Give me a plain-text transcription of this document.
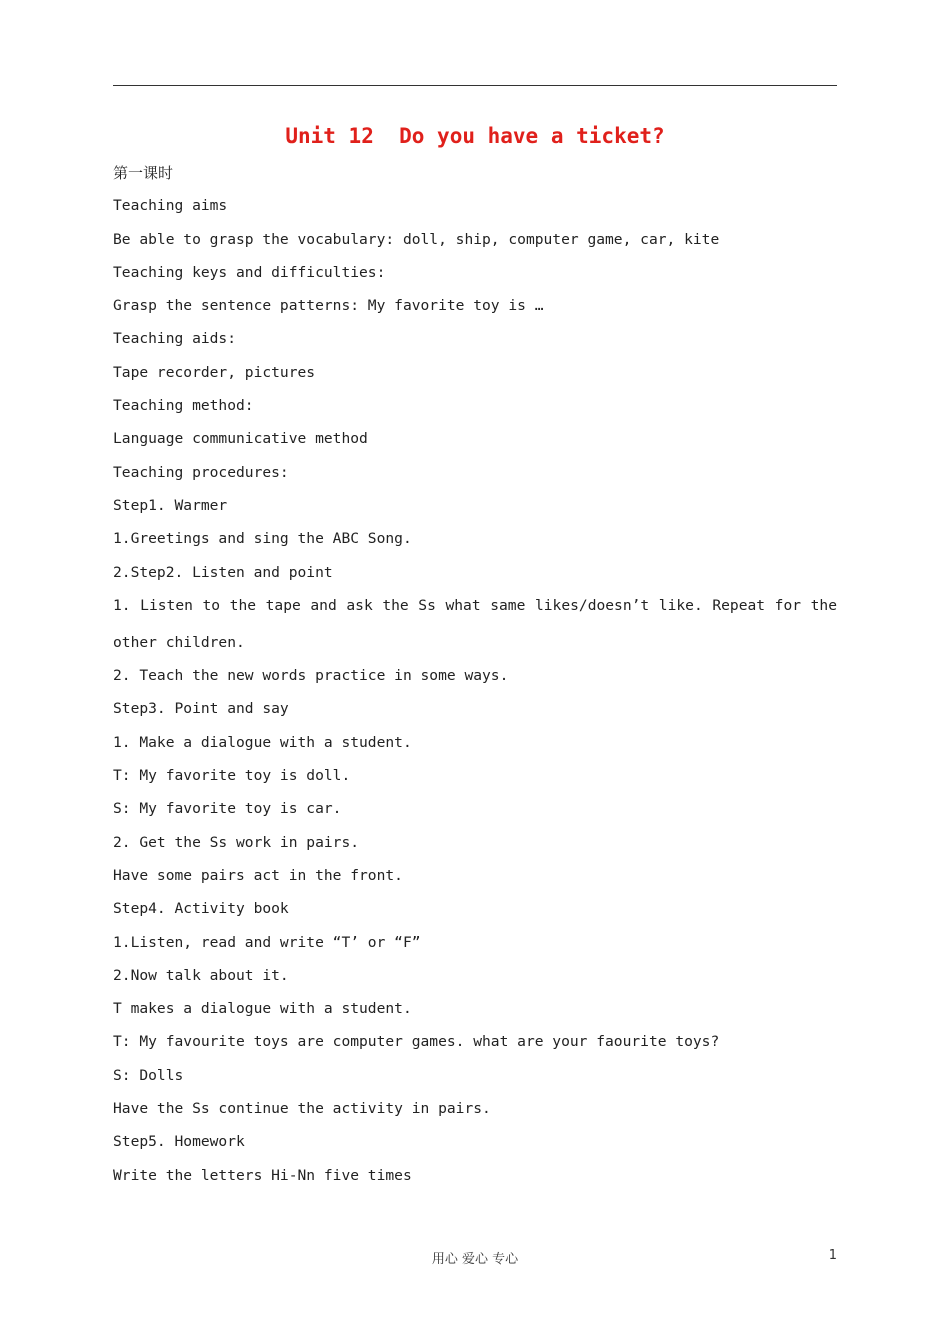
Unit 12  Do you have a ticket?
第一课时
Teaching aims
Be able to grasp the vocabulary: doll, ship, computer game, car, kite
Teaching keys and difficulties:
Grasp the sentence patterns: My favorite toy is …
Teaching aids:
Tape recorder, pictures
Teaching method:
Language communicative method
Teaching procedures:
Step1. Warmer
1.Greetings and sing the ABC Song.
2.Step2. Listen and point
1. Listen to the tape and ask the Ss what same likes/doesn’t like. Repeat for the
other children.
2. Teach the new words practice in some ways.
Step3. Point and say
1. Make a dialogue with a student.
T: My favorite toy is doll.
S: My favorite toy is car.
2. Get the Ss work in pairs.
Have some pairs act in the front.
Step4. Activity book
1.Listen, read and write “T’ or “F”
2.Now talk about it.
T makes a dialogue with a student.
T: My favourite toys are computer games. what are your faourite toys?
S: Dolls
Have the Ss continue the activity in pairs.
Step5. Homework
Write the letters Hi-Nn five times
用心 爱心 专心	1
